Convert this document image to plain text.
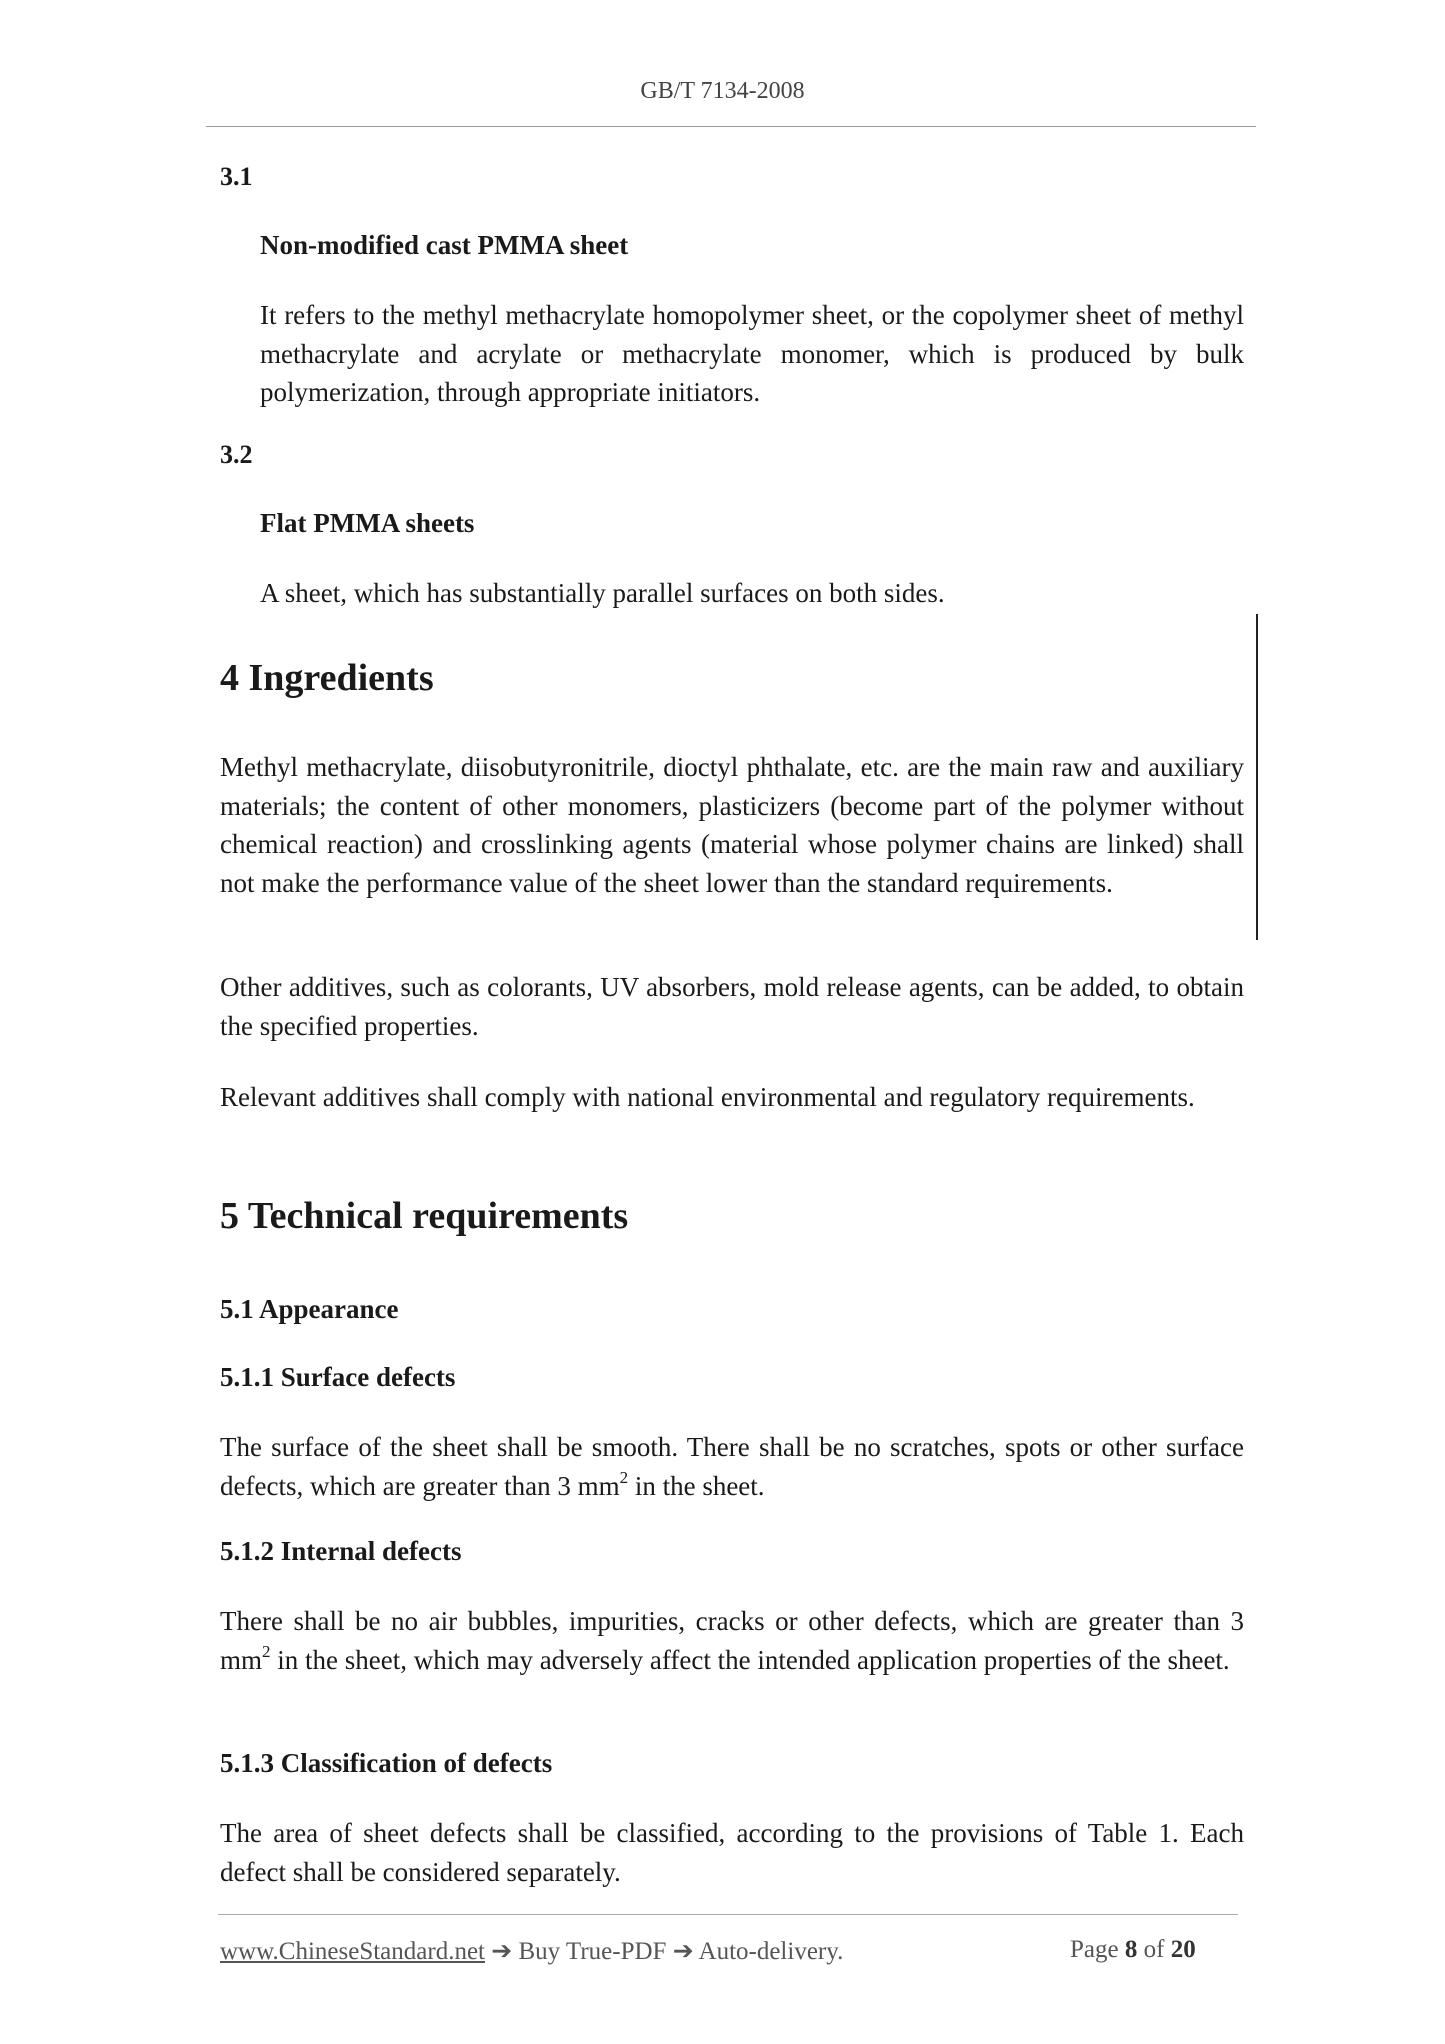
GB/T 7134-2008
3.1
Non-modified cast PMMA sheet
It refers to the methyl methacrylate homopolymer sheet, or the copolymer sheet of methyl methacrylate and acrylate or methacrylate monomer, which is produced by bulk polymerization, through appropriate initiators.
3.2
Flat PMMA sheets
A sheet, which has substantially parallel surfaces on both sides.
4 Ingredients
Methyl methacrylate, diisobutyronitrile, dioctyl phthalate, etc. are the main raw and auxiliary materials; the content of other monomers, plasticizers (become part of the polymer without chemical reaction) and crosslinking agents (material whose polymer chains are linked) shall not make the performance value of the sheet lower than the standard requirements.
Other additives, such as colorants, UV absorbers, mold release agents, can be added, to obtain the specified properties.
Relevant additives shall comply with national environmental and regulatory requirements.
5 Technical requirements
5.1 Appearance
5.1.1 Surface defects
The surface of the sheet shall be smooth. There shall be no scratches, spots or other surface defects, which are greater than 3 $mm^2$ in the sheet.
5.1.2 Internal defects
There shall be no air bubbles, impurities, cracks or other defects, which are greater than 3 $mm^2$ in the sheet, which may adversely affect the intended application properties of the sheet.
5.1.3 Classification of defects
The area of sheet defects shall be classified, according to the provisions of Table 1. Each defect shall be considered separately.
www.ChineseStandard.net ➔ Buy True-PDF ➔ Auto-delivery.	Page 8 of 20
